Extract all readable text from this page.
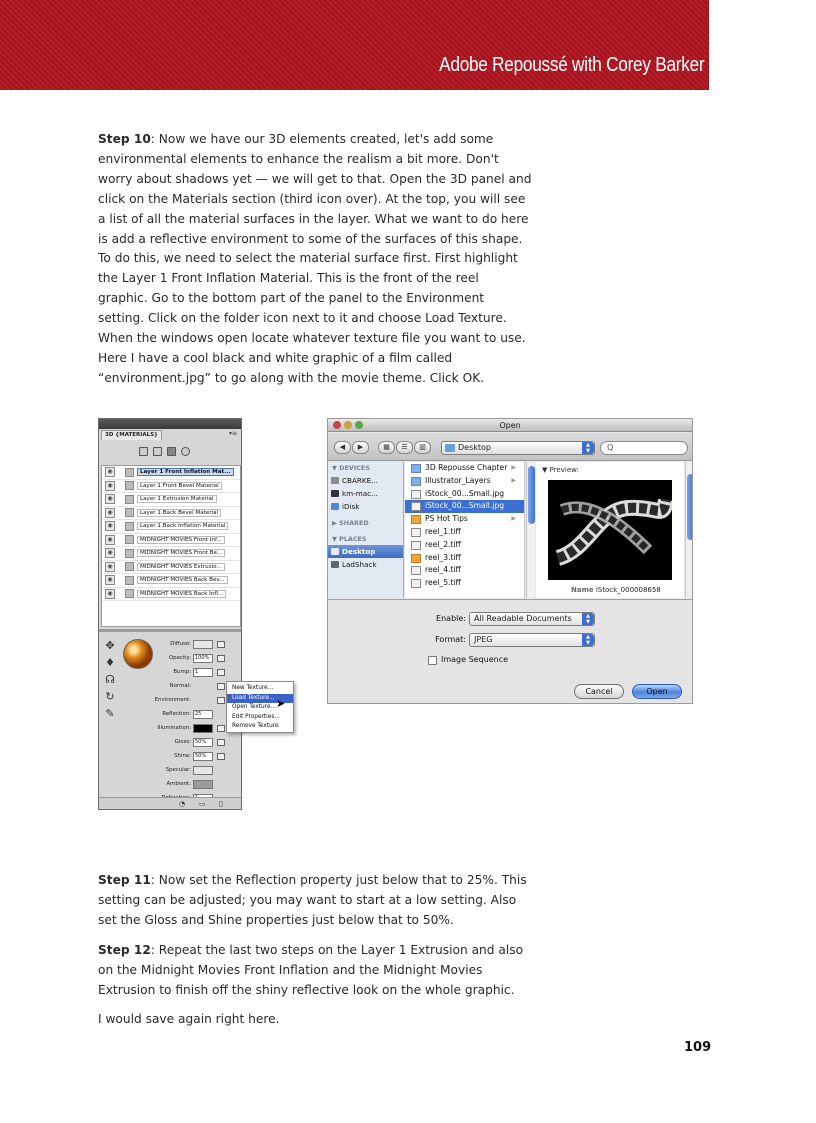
Adobe Repoussé with Corey Barker

Step 10: Now we have our 3D elements created, let's add some environmental elements to enhance the realism a bit more. Don't worry about shadows yet — we will get to that. Open the 3D panel and click on the Materials section (third icon over). At the top, you will see a list of all the material surfaces in the layer. What we want to do here is add a reflective environment to some of the surfaces of this shape. To do this, we need to select the material surface first. First highlight the Layer 1 Front Inflation Material. This is the front of the reel graphic. Go to the bottom part of the panel to the Environment setting. Click on the folder icon next to it and choose Load Texture. When the windows open locate whatever texture file you want to use. Here I have a cool black and white graphic of a film called “environment.jpg” to go along with the movie theme. Click OK.

3D {MATERIALS}	▾≡
◉	Layer 1 Front Inflation Mat...
◉	Layer 1 Front Bevel Material
◉	Layer 1 Extrusion Material
◉	Layer 1 Back Bevel Material
◉	Layer 1 Back Inflation Material
◉	MIDNIGHT MOVIES Front Inf...
◉	MIDNIGHT MOVIES Front Be...
◉	MIDNIGHT MOVIES Extrusio...
◉	MIDNIGHT MOVIES Back Bev...
◉	MIDNIGHT MOVIES Back Infl...
✥
♦
☊
↻
✎
Diffuse:
Opacity: 100%
Bump: 1
Normal:
Environment:
Reflection: 25
Illumination:
Gloss: 50%
Shine: 50%
Specular:
Ambient:
◔ ▭ ▯
New Texture...
Load Texture...
Open Texture...
Edit Properties...
Remove Texture
➤
Open
◀	▶	▦	☰	▥	Desktop	▲
▼	Q
▼ DEVICES
CBARKE...
km-mac...
iDisk
▶ SHARED
▼ PLACES
Desktop
LadShack
3D Repousse Chapter ▶
Illustrator_Layers	▶
iStock_00...Small.jpg
iStock_00...Small.jpg
PS Hot Tips	▶
reel_1.tiff
reel_2.tiff
reel_3.tiff
reel_4.tiff
reel_5.tiff
▼ Preview:
Name iStock_000008658
Enable:	All Readable Documents	▲
▼
Format:	JPEG	▲
▼
Image Sequence
Cancel	Open

Step 11: Now set the Reflection property just below that to 25%. This setting can be adjusted; you may want to start at a low setting. Also set the Gloss and Shine properties just below that to 50%.

Step 12: Repeat the last two steps on the Layer 1 Extrusion and also on the Midnight Movies Front Inflation and the Midnight Movies Extrusion to finish off the shiny reflective look on the whole graphic.

I would save again right here.

109
